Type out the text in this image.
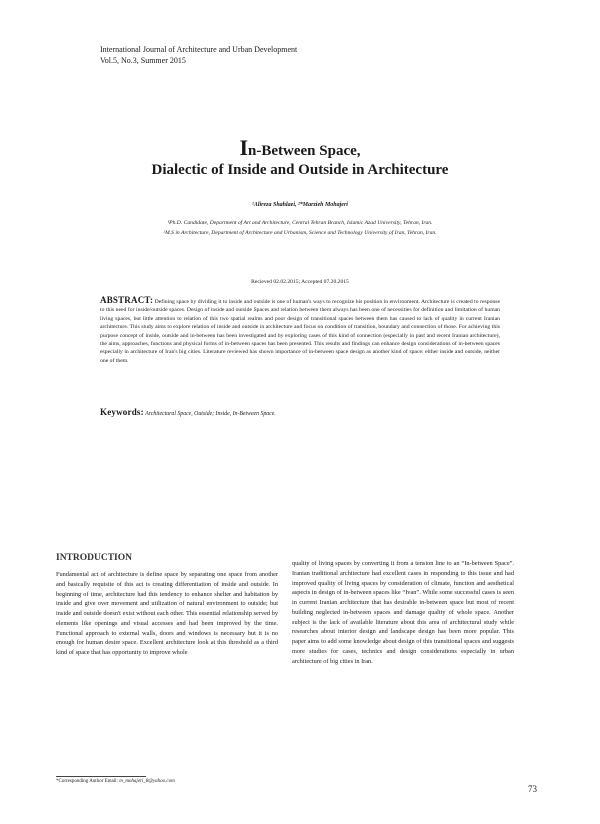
International Journal of Architecture and Urban Development
Vol.5, No.3, Summer 2015
In-Between Space,
Dialectic of Inside and Outside in Architecture
¹Alireza Shahlaei, ²*Marzieh Mohajeri

¹Ph.D. Candidate, Department of Art and Architecture, Central Tehran Branch, Islamic Azad University, Tehran, Iran.

²M.S in Architecture, Department of Architecture and Urbanism, Science and Technology University of Iran, Tehran, Iran.

Recieved 02.02.2015; Accepted 07.20.2015
ABSTRACT: Defining space by dividing it to inside and outside is one of human's ways to recognize his position in environment. Architecture is created to response to this need for inside/outside spaces. Design of inside and outside Spaces and relation between them always has been one of necessities for definition and limitation of human living spaces, but little attention to relation of this two spatial realms and poor design of transitional spaces between them has caused to lack of quality in current Iranian architecture. This study aims to explore relation of inside and outside in architecture and focus on condition of transition, boundary and connection of those. For achieving this purpose concept of inside, outside and in-between has been investigated and by exploring cases of this kind of connection (especially in past and recent Iranian architecture), the aims, approaches, functions and physical forms of in-between spaces has been presented. This results and findings can enhance design considerations of in-between spaces especially in architecture of Iran's big cities. Literature reviewed has shown importance of in-between space design as another kind of space: either inside and outside, neither one of them.
Keywords: Architectural Space, Outside; Inside, In-Between Space.
INTRODUCTION
Fundamental act of architecture is define space by separating one space from another and basically requisite of this act is creating differentiation of inside and outside. In beginning of time, architecture had this tendency to enhance shelter and habitation by inside and give over movement and utilization of natural environment to outside; but inside and outside doesn't exist without each other. This essential relationship served by elements like openings and visual accesses and had been improved by the time. Functional approach to external walls, doors and windows is necessary but it is no enough for human desire space. Excellent architecture look at this threshold as a third kind of space that has opportunity to improve whole
quality of living spaces by converting it from a tension line to an “In-between Space”. Iranian traditional architecture had excellent cases in responding to this issue and had improved quality of living spaces by consideration of climate, function and aesthetical aspects in design of in-between spaces like “Ivan”. While some successful cases is seen in current Iranian architecture that has desirable in-between space but most of recent building neglected in-between spaces and damage quality of whole space. Another subject is the lack of available literature about this area of architectural study while researches about interior design and landscape design has been more popular. This paper aims to add some knowledge about design of this transitional spaces and suggests more studies for cases, technics and design considerations especially in urban architecture of big cities in Iran.
*Corresponding Author Email: m_mohajeri_8@yahoo.com
73
